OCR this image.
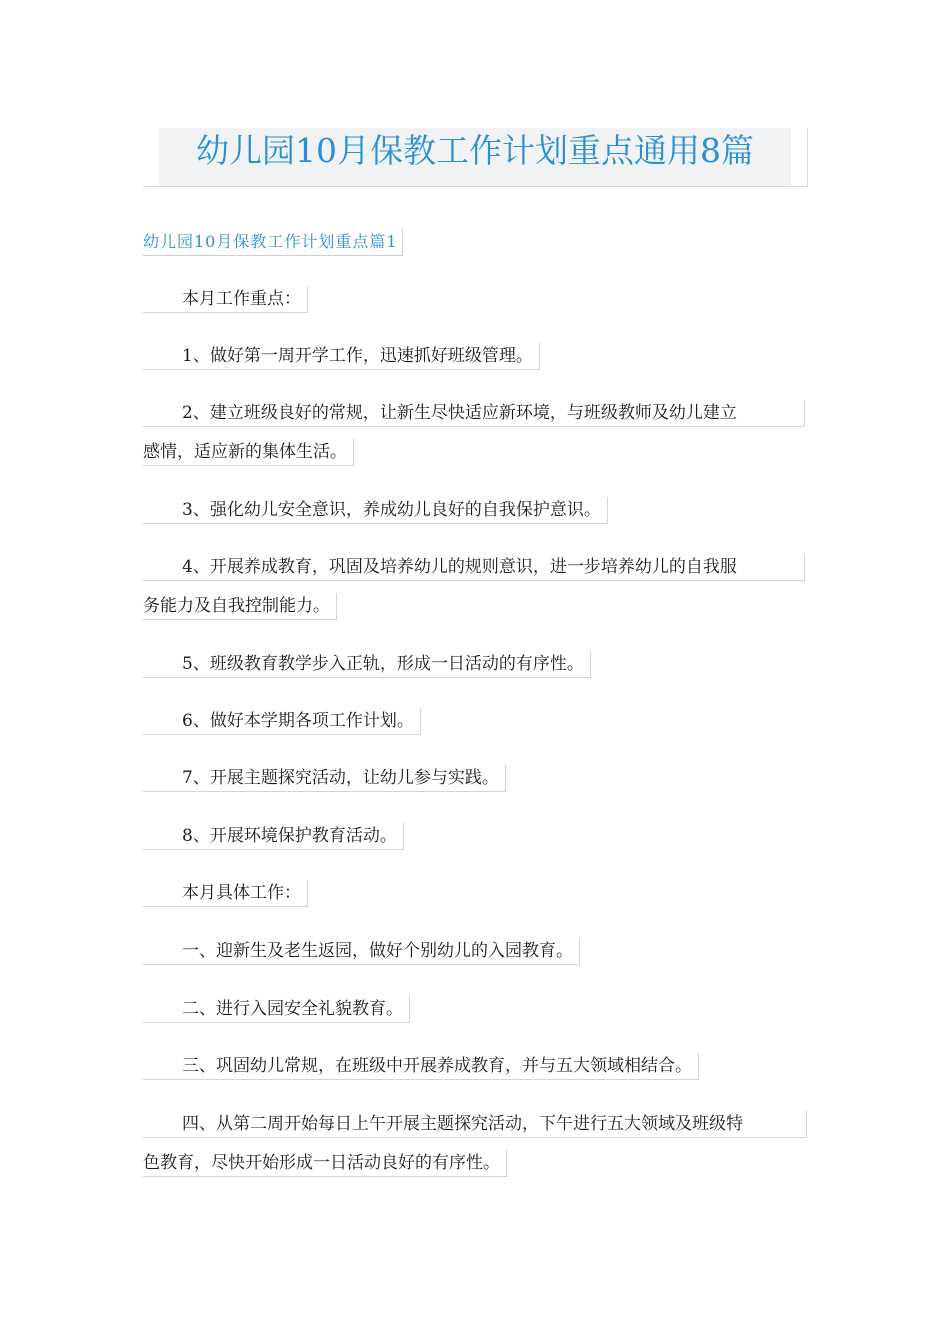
幼儿园10月保教工作计划重点通用8篇
幼儿园10月保教工作计划重点篇1
本月工作重点：
1、做好第一周开学工作，迅速抓好班级管理。
2、建立班级良好的常规，让新生尽快适应新环境，与班级教师及幼儿建立
感情，适应新的集体生活。
3、强化幼儿安全意识，养成幼儿良好的自我保护意识。
4、开展养成教育，巩固及培养幼儿的规则意识，进一步培养幼儿的自我服
务能力及自我控制能力。
5、班级教育教学步入正轨，形成一日活动的有序性。
6、做好本学期各项工作计划。
7、开展主题探究活动，让幼儿参与实践。
8、开展环境保护教育活动。
本月具体工作：
一、迎新生及老生返园，做好个别幼儿的入园教育。
二、进行入园安全礼貌教育。
三、巩固幼儿常规，在班级中开展养成教育，并与五大领域相结合。
四、从第二周开始每日上午开展主题探究活动，下午进行五大领域及班级特
色教育，尽快开始形成一日活动良好的有序性。
